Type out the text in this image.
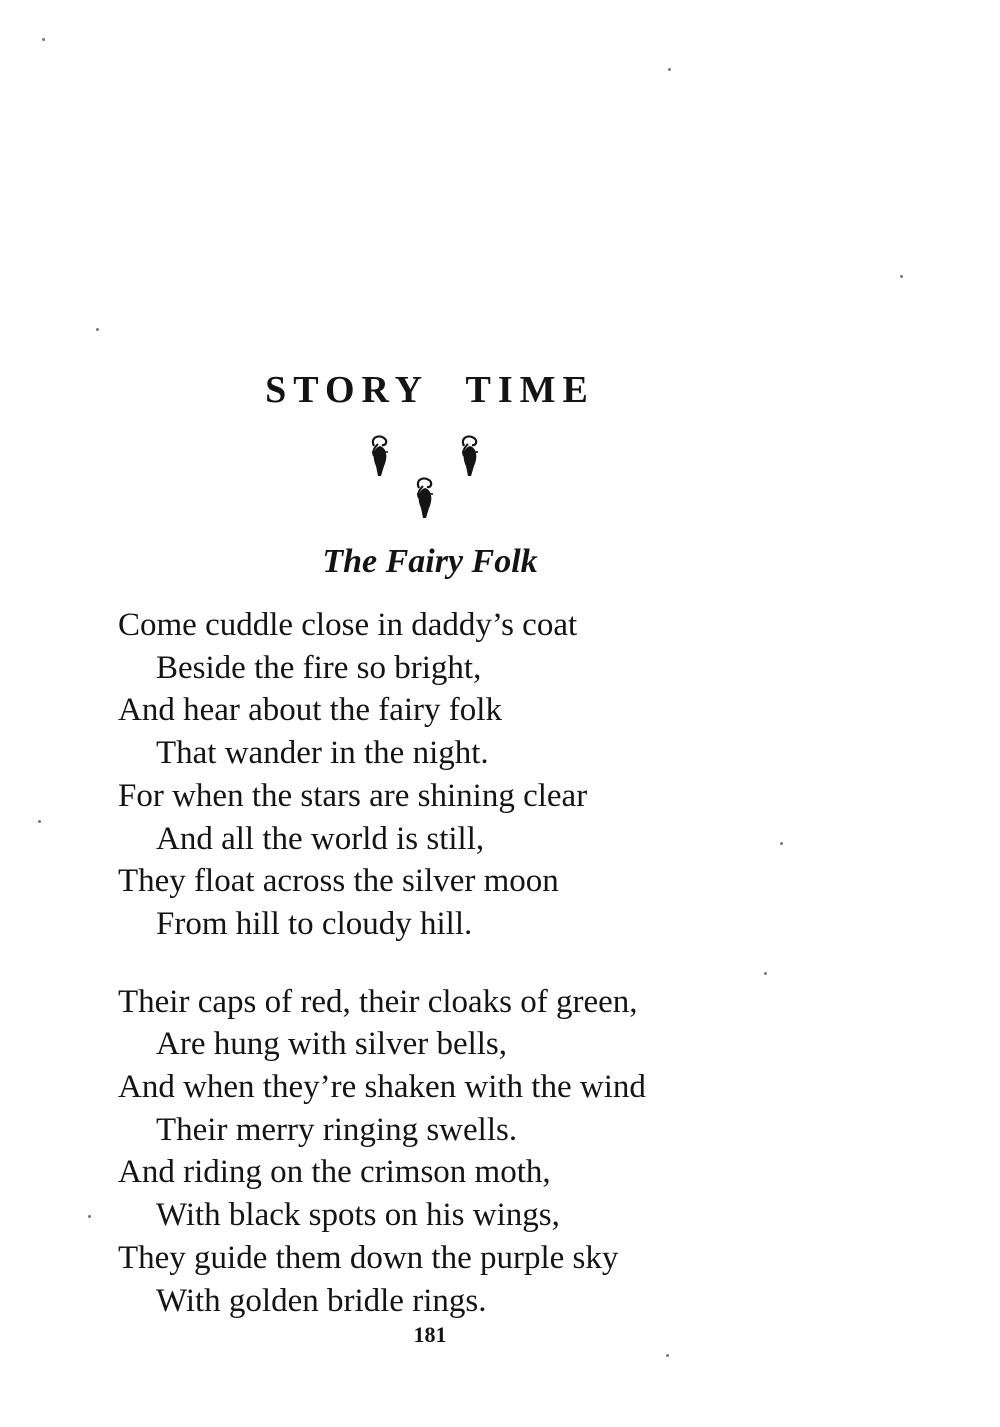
STORY TIME
The Fairy Folk

Come cuddle close in daddy’s coat
Beside the fire so bright,
And hear about the fairy folk
That wander in the night.
For when the stars are shining clear
And all the world is still,
They float across the silver moon
From hill to cloudy hill.

Their caps of red, their cloaks of green,
Are hung with silver bells,
And when they’re shaken with the wind
Their merry ringing swells.
And riding on the crimson moth,
With black spots on his wings,
They guide them down the purple sky
With golden bridle rings.

181
